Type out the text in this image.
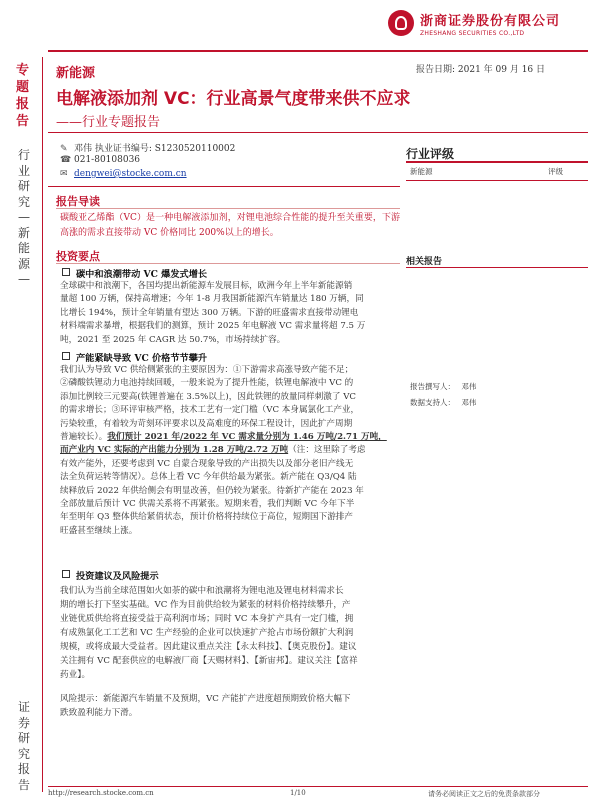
浙商证券股份有限公司
ZHESHANG SECURITIES CO.,LTD
专
题
报
告
行
业
研
究
—
新
能
源
—
证
券
研
究
报
告
新能源	报告日期: 2021 年 09 月 16 日
电解液添加剂 VC：行业高景气度带来供不应求
——行业专题报告
✎ 邓伟 执业证书编号: S1230520110002
☎ 021-80108036
✉ dengwei@stocke.com.cn
报告导读
碳酸亚乙烯酯（VC）是一种电解液添加剂，对锂电池综合性能的提升至关重要，下游高涨的需求直接带动 VC 价格同比 200%以上的增长。
投资要点
碳中和浪潮带动 VC 爆发式增长
全球碳中和浪潮下，各国均提出新能源车发展目标，欧洲今年上半年新能源销
量超 100 万辆，保持高增速；今年 1-8 月我国新能源汽车销量达 180 万辆，同
比增长 194%，预计全年销量有望达 300 万辆。下游的旺盛需求直接带动锂电
材料端需求暴增，根据我们的测算，预计 2025 年电解液 VC 需求量将超 7.5 万
吨，2021 至 2025 年 CAGR 达 50.7%，市场持续扩容。
产能紧缺导致 VC 价格节节攀升
我们认为导致 VC 供给侧紧张的主要原因为：①下游需求高涨导致产能不足；
②磷酸铁锂动力电池持续回暖，一般来说为了提升性能，铁锂电解液中 VC 的
添加比例较三元要高(铁锂普遍在 3.5%以上)，因此铁锂的放量同样刺激了 VC
的需求增长；③环评审核严格，技术工艺有一定门槛（VC 本身属氯化工产业，
污染较重，有着较为苛刻环评要求以及高难度的环保工程设计，因此扩产周期
普遍较长）。我们预计 2021 年/2022 年 VC 需求量分别为 1.46 万吨/2.71 万吨，
而产业内 VC 实际的产出能力分别为 1.28 万吨/2.72 万吨（注：这里除了考虑
有效产能外，还要考虑到 VC 自蒙合现象导致的产出损失以及部分老旧产线无
法全负荷运转等情况）。总体上看 VC 今年供给最为紧张。新产能在 Q3/Q4 陆
续释放后 2022 年供给侧会有明显改善，但仍较为紧张。待新扩产能在 2023 年
全部放量后预计 VC 供需关系将不再紧张。短期来看，我们判断 VC 今年下半
年至明年 Q3 整体供给紧俏状态，预计价格将持续位于高位，短期国下游排产
旺盛甚至继续上涨。
投资建议及风险提示
我们认为当前全球范围如火如荼的碳中和浪潮将为锂电池及锂电材料需求长
期的增长打下坚实基础。VC 作为目前供给较为紧张的材料价格持续攀升，产
业链优质供给将直接受益于高利润市场；同时 VC 本身扩产具有一定门槛，拥
有成熟氯化工工艺和 VC 生产经验的企业可以快速扩产抢占市场份额扩大利润
规模，或将成最大受益者。因此建议重点关注【永太科技】、【奥克股份】。建议
关注拥有 VC 配套供应的电解液厂商【天赐材料】、【新宙邦】。建议关注【富祥
药业】。
风险提示：新能源汽车销量不及预期，VC 产能扩产进度超预期致价格大幅下
跌致盈利能力下滑。
行业评级
新能源	评级
相关报告
报告撰写人： 邓伟
数据支持人： 邓伟
http://research.stocke.com.cn	1/10	请务必阅读正文之后的免责条款部分
